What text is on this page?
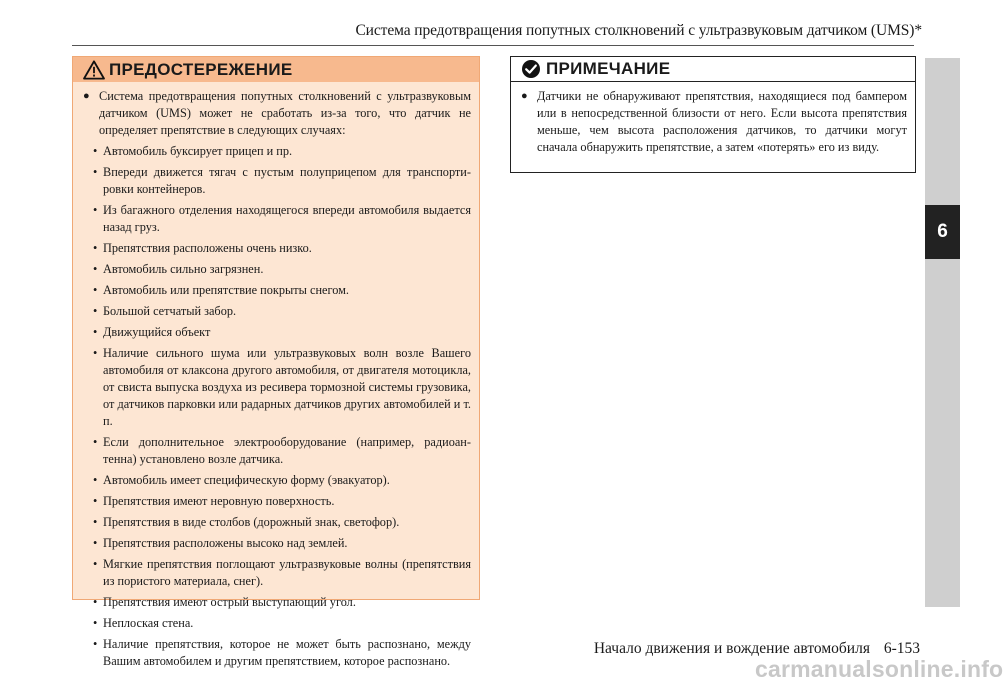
Система предотвращения попутных столкновений с ультразвуковым датчиком (UMS)*
6
ПРЕДОСТЕРЕЖЕНИЕ

● Система предотвращения попутных столкновений с ультразвуковым датчиком (UMS) может не сработать из-за того, что датчик не определяет препятствие в следующих случаях:

• Автомобиль буксирует прицеп и пр.

• Впереди движется тягач с пустым полуприцепом для транспортировки контейнеров.

• Из багажного отделения находящегося впереди автомобиля выдается назад груз.

• Препятствия расположены очень низко.

• Автомобиль сильно загрязнен.

• Автомобиль или препятствие покрыты снегом.

• Большой сетчатый забор.

• Движущийся объект

• Наличие сильного шума или ультразвуковых волн возле Вашего автомобиля от клаксона другого автомобиля, от двигателя мотоцикла, от свиста выпуска воздуха из ресивера тормозной системы грузовика, от датчиков парковки или радарных датчиков других автомобилей и т. п.

• Если дополнительное электрооборудование (например, радиоантенна) установлено возле датчика.

• Автомобиль имеет специфическую форму (эвакуатор).

• Препятствия имеют неровную поверхность.

• Препятствия в виде столбов (дорожный знак, светофор).

• Препятствия расположены высоко над землей.

• Мягкие препятствия поглощают ультразвуковые волны (препятствия из пористого материала, снег).

• Препятствия имеют острый выступающий угол.

• Неплоская стена.

• Наличие препятствия, которое не может быть распознано, между Вашим автомобилем и другим препятствием, которое распознано.

ПРИМЕЧАНИЕ

● Датчики не обнаруживают препятствия, находящиеся под бампером или в непосредственной близости от него. Если высота препятствия меньше, чем высота расположения датчиков, то датчики могут сначала обнаружить препятствие, а затем «потерять» его из виду.

Начало движения и вождение автомобиля 6-153
carmanualsonline.info
